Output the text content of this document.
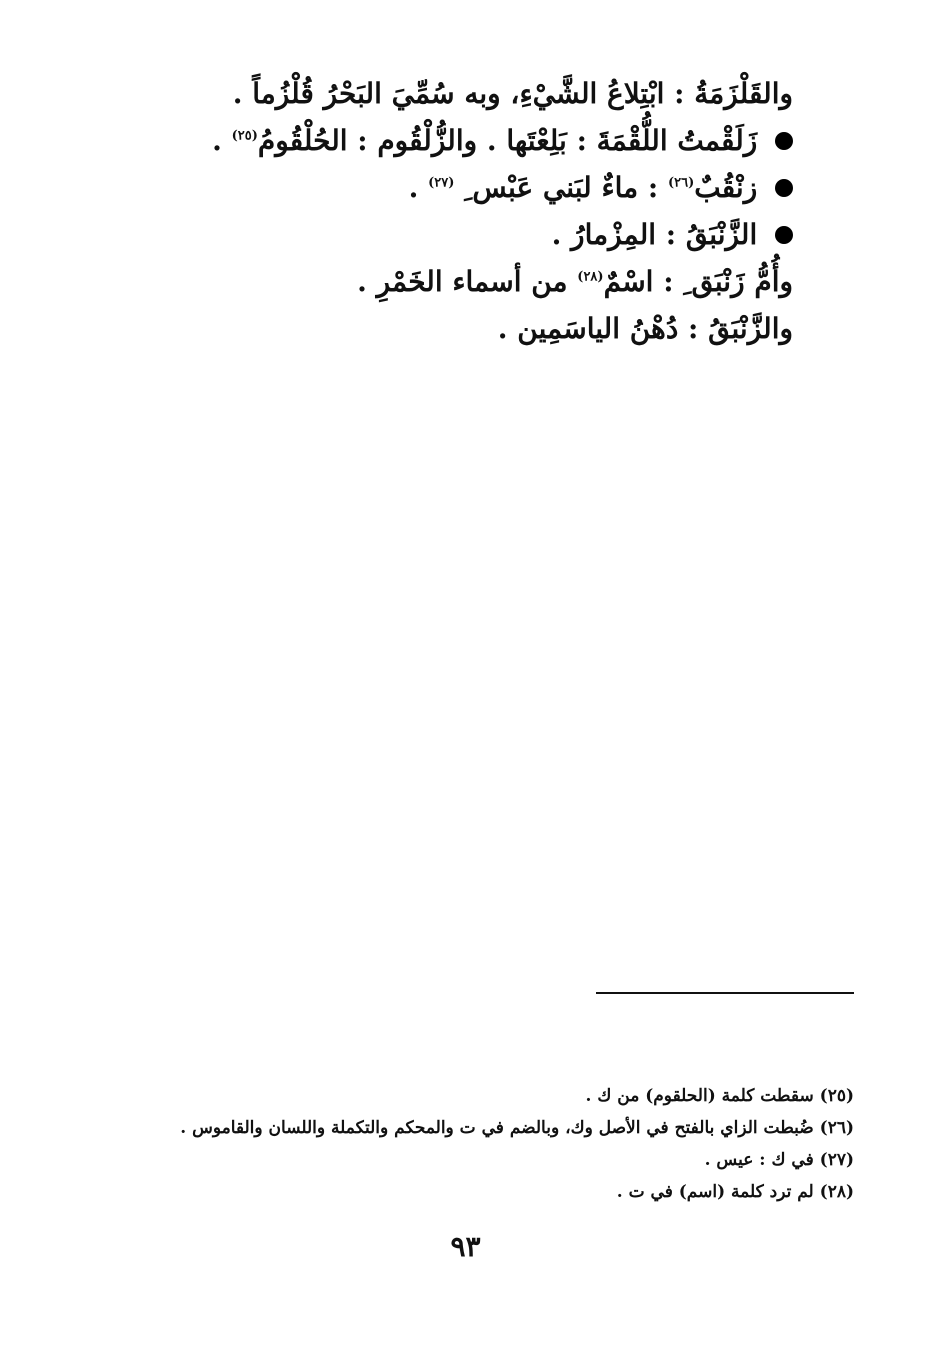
والقَلْزَمَةُ : ابْتِلاعُ الشَّيْءِ، وبه سُمِّيَ البَحْرُ قُلْزُماً .
زَلَقْمتُ اللُّقْمَةَ : بَلِعْتَها . والزُّلْقُوم : الحُلْقُومُ$^{(٢٥)}$ .
زنْقُبٌ$^{(٢٦)}$ : ماءٌ لبَني عَبْس ِ $^{(٢٧)}$ .
الزَّنْبَقُ : المِزْمارُ .
وأُمُّ زَنْبَق ِ : اسْمٌ$^{(٢٨)}$ من أسماء الخَمْرِ .
والزَّنْبَقُ : دُهْنُ الياسَمِين .
(٢٥) سقطت كلمة (الحلقوم) من ك .
(٢٦) ضُبطت الزاي بالفتح في الأصل وك، وبالضم في ت والمحكم والتكملة واللسان والقاموس .
(٢٧) في ك : عيس .
(٢٨) لم ترد كلمة (اسم) في ت .
٩٣
